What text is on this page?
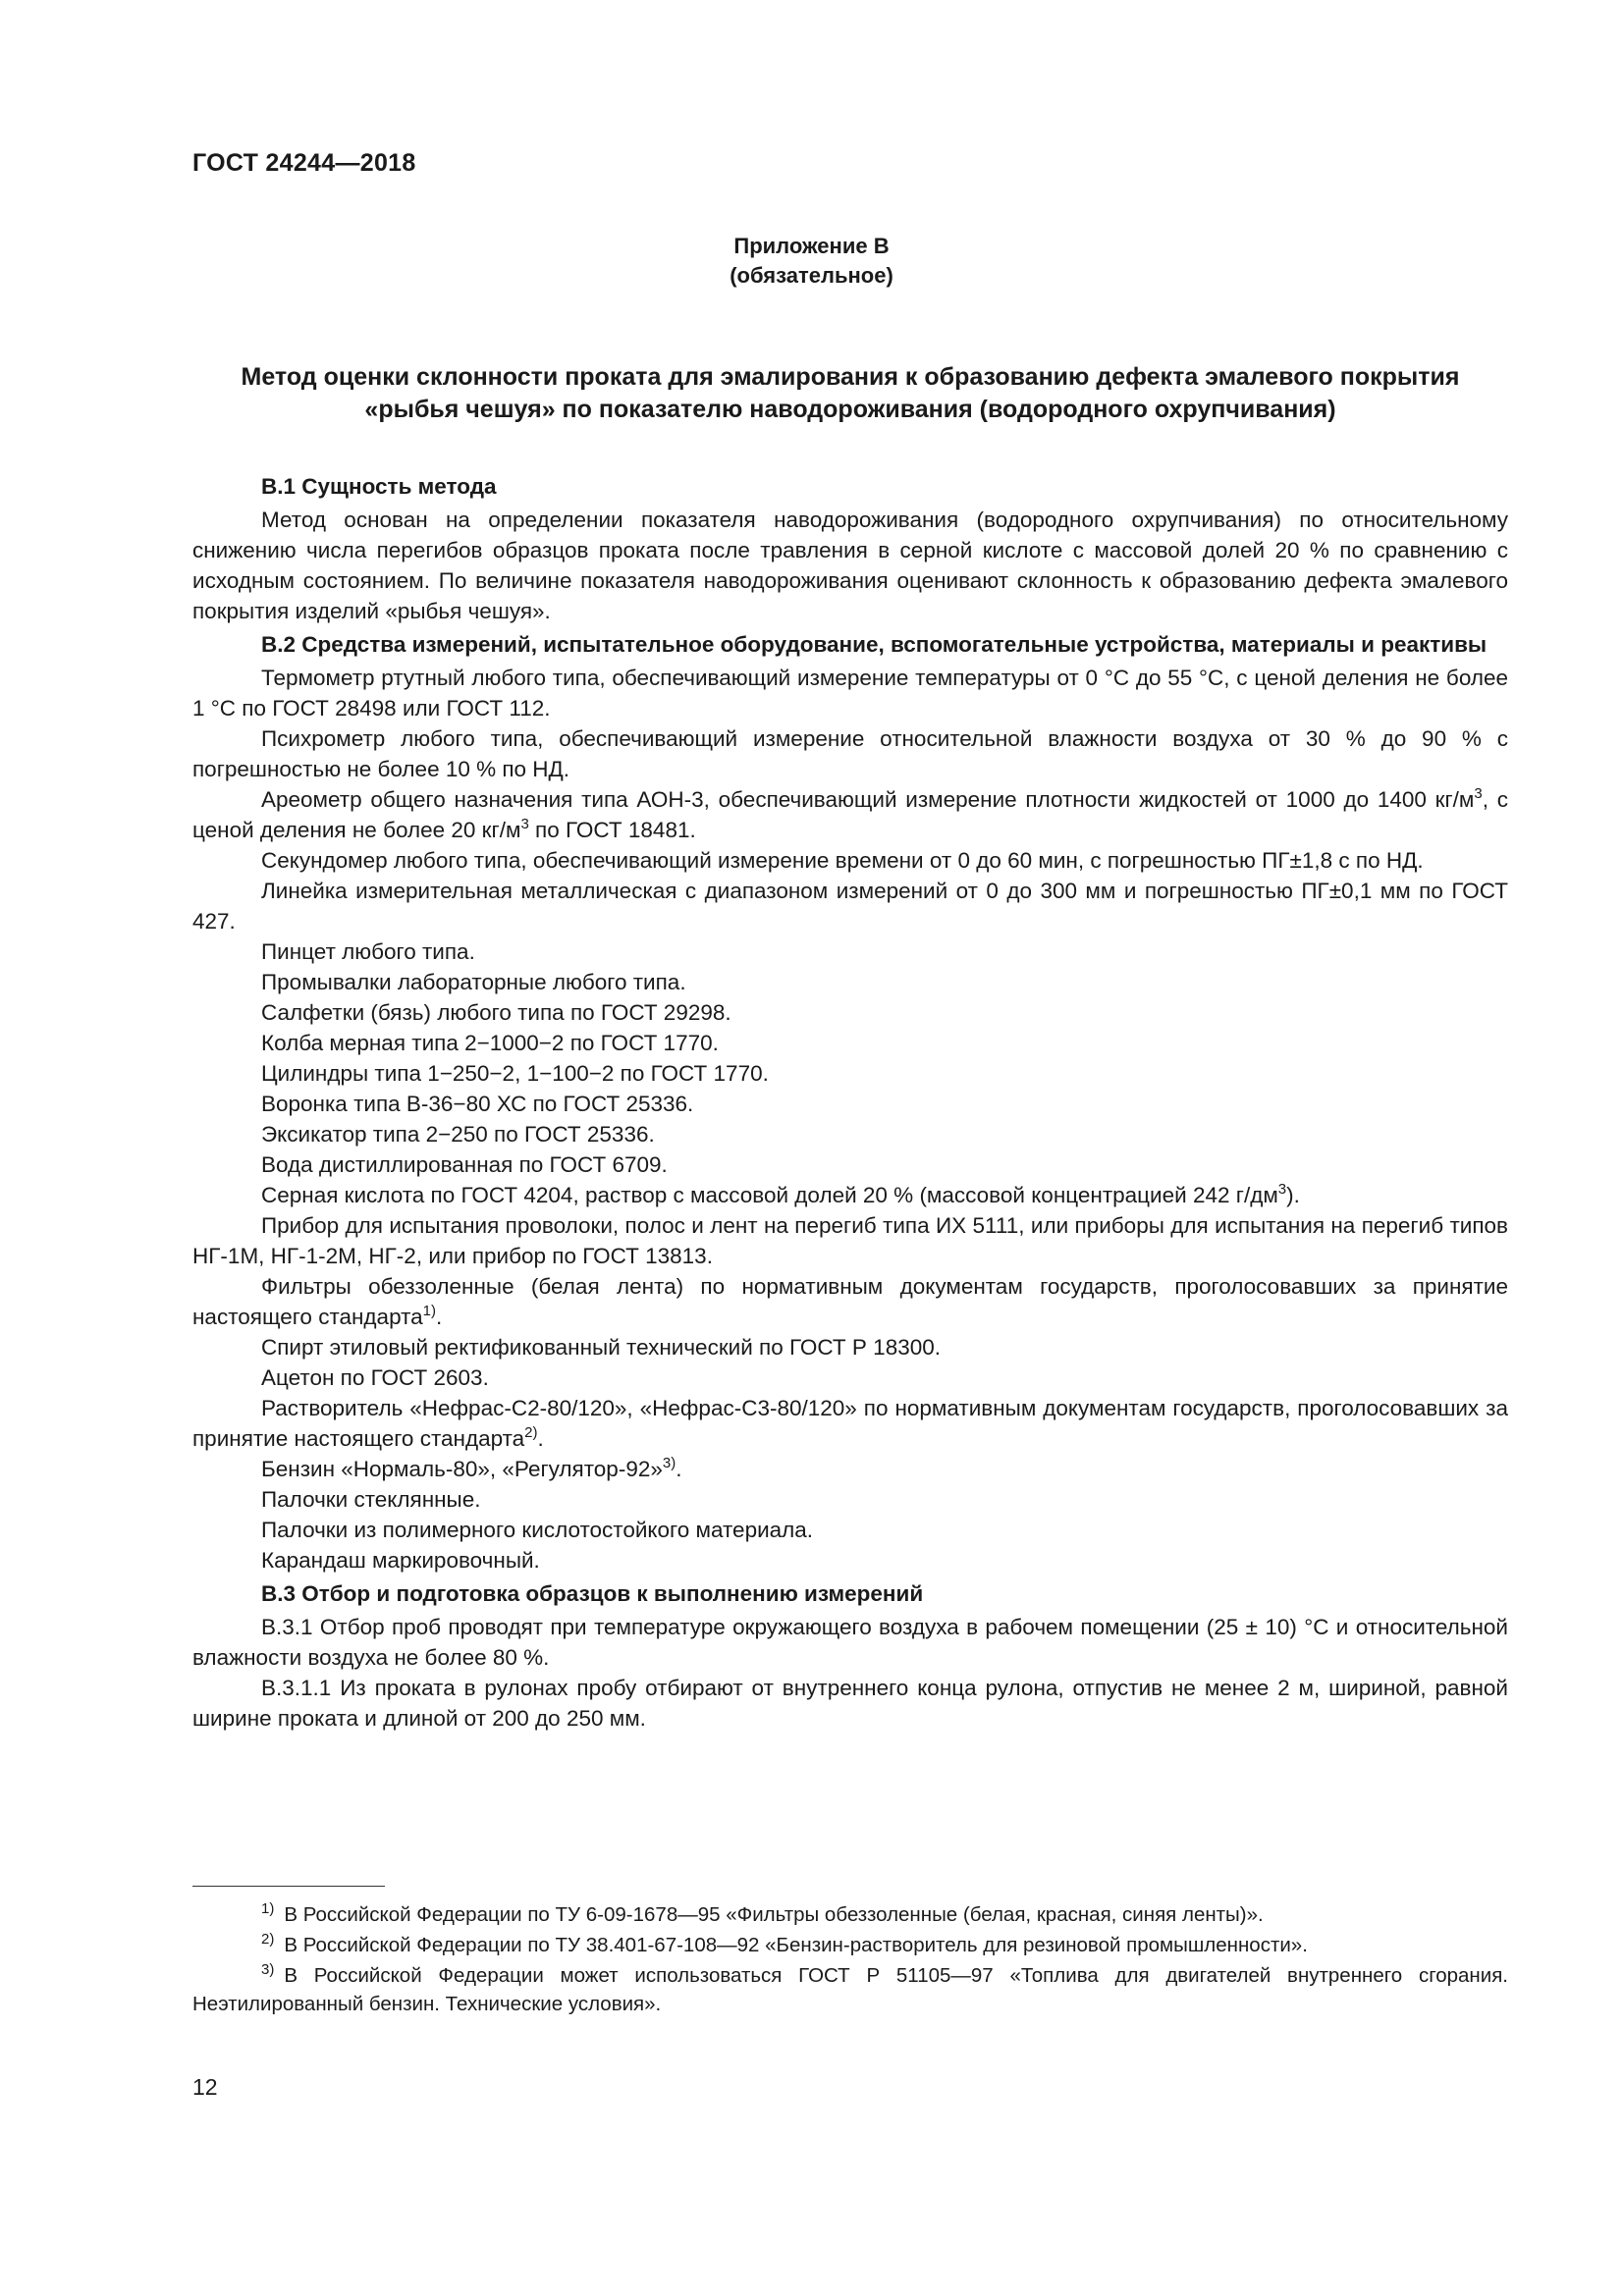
ГОСТ 24244—2018
Приложение В
(обязательное)
Метод оценки склонности проката для эмалирования к образованию дефекта эмалевого покрытия «рыбья чешуя» по показателю наводороживания (водородного охрупчивания)
В.1 Сущность метода

Метод основан на определении показателя наводороживания (водородного охрупчивания) по относительному снижению числа перегибов образцов проката после травления в серной кислоте с массовой долей 20 % по сравнению с исходным состоянием. По величине показателя наводороживания оценивают склонность к образованию дефекта эмалевого покрытия изделий «рыбья чешуя».

В.2 Средства измерений, испытательное оборудование, вспомогательные устройства, материалы и реактивы

Термометр ртутный любого типа, обеспечивающий измерение температуры от 0 °С до 55 °С, с ценой деления не более 1 °С по ГОСТ 28498 или ГОСТ 112.

Психрометр любого типа, обеспечивающий измерение относительной влажности воздуха от 30 % до 90 % с погрешностью не более 10 % по НД.

Ареометр общего назначения типа АОН-3, обеспечивающий измерение плотности жидкостей от 1000 до 1400 $кг/м^3$, с ценой деления не более 20 $кг/м^3$ по ГОСТ 18481.

Секундомер любого типа, обеспечивающий измерение времени от 0 до 60 мин, с погрешностью ПГ±1,8 с по НД.

Линейка измерительная металлическая с диапазоном измерений от 0 до 300 мм и погрешностью ПГ±0,1 мм по ГОСТ 427.

Пинцет любого типа.

Промывалки лабораторные любого типа.

Салфетки (бязь) любого типа по ГОСТ 29298.

Колба мерная типа 2−1000−2 по ГОСТ 1770.

Цилиндры типа 1−250−2, 1−100−2 по ГОСТ 1770.

Воронка типа В-36−80 ХС по ГОСТ 25336.

Эксикатор типа 2−250 по ГОСТ 25336.

Вода дистиллированная по ГОСТ 6709.

Серная кислота по ГОСТ 4204, раствор с массовой долей 20 % (массовой концентрацией 242 $г/дм^3$).

Прибор для испытания проволоки, полос и лент на перегиб типа ИХ 5111, или приборы для испытания на перегиб типов НГ-1М, НГ-1-2М, НГ-2, или прибор по ГОСТ 13813.

Фильтры обеззоленные (белая лента) по нормативным документам государств, проголосовавших за принятие настоящего стандарта$^{1)}$.

Спирт этиловый ректификованный технический по ГОСТ Р 18300.

Ацетон по ГОСТ 2603.

Растворитель «Нефрас-С2-80/120», «Нефрас-С3-80/120» по нормативным документам государств, проголосовавших за принятие настоящего стандарта$^{2)}$.

Бензин «Нормаль-80», «Регулятор-92»$^{3)}$.

Палочки стеклянные.

Палочки из полимерного кислотостойкого материала.

Карандаш маркировочный.

В.3 Отбор и подготовка образцов к выполнению измерений

В.3.1 Отбор проб проводят при температуре окружающего воздуха в рабочем помещении (25 ± 10) °С и относительной влажности воздуха не более 80 %.

В.3.1.1 Из проката в рулонах пробу отбирают от внутреннего конца рулона, отпустив не менее 2 м, шириной, равной ширине проката и длиной от 200 до 250 мм.

$^{1)}$ В Российской Федерации по ТУ 6-09-1678—95 «Фильтры обеззоленные (белая, красная, синяя ленты)».

$^{2)}$ В Российской Федерации по ТУ 38.401-67-108—92 «Бензин-растворитель для резиновой промышленности».

$^{3)}$ В Российской Федерации может использоваться ГОСТ Р 51105—97 «Топлива для двигателей внутреннего сгорания. Неэтилированный бензин. Технические условия».

12
